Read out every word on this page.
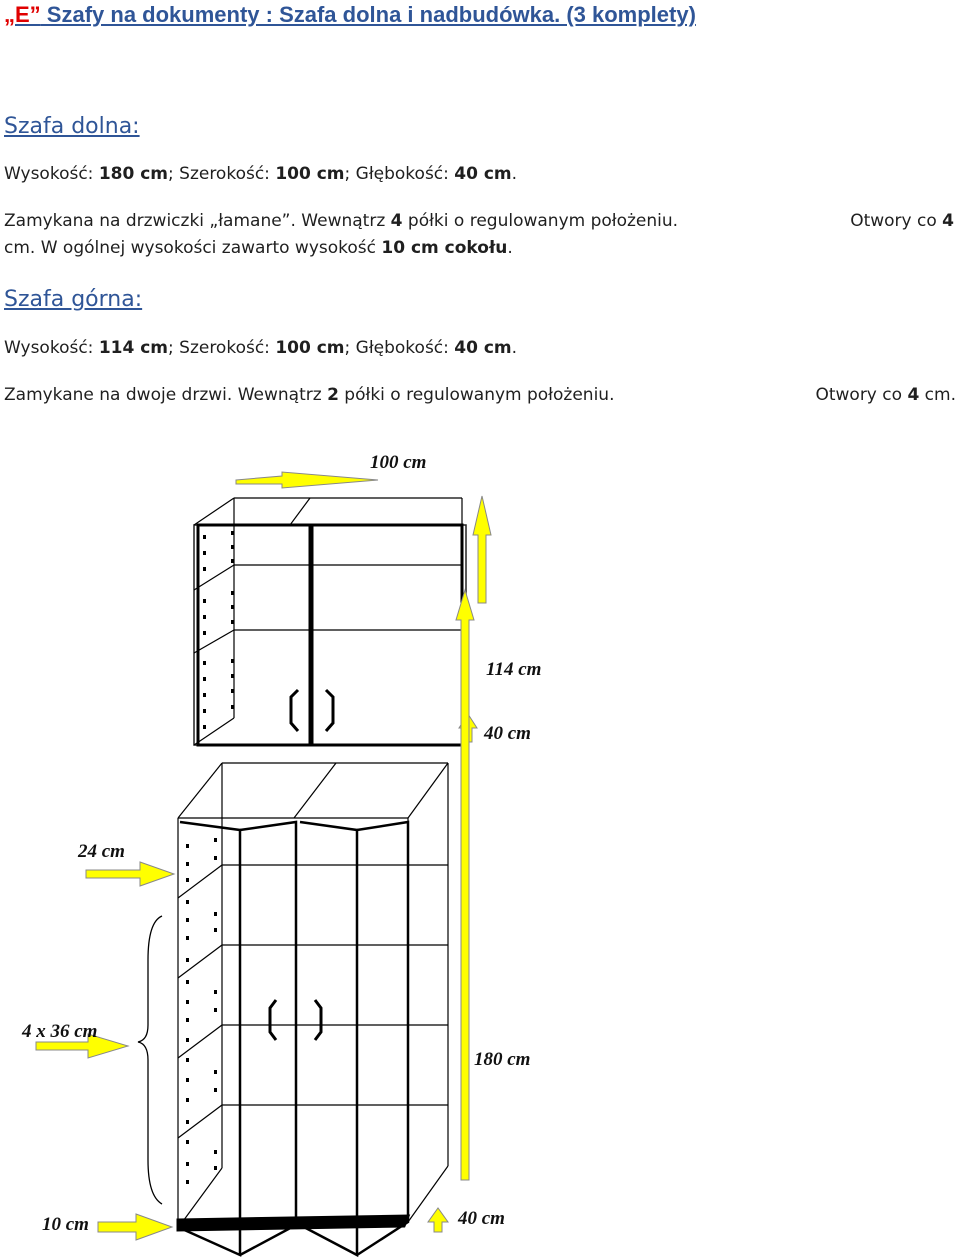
„E” Szafy na dokumenty : Szafa dolna i nadbudówka. (3 komplety)
Szafa dolna:
Wysokość: 180 cm; Szerokość: 100 cm; Głębokość: 40 cm.
Zamykana na drzwiczki „łamane”. Wewnątrz 4 półki o regulowanym położeniu.	Otwory co 4
cm. W ogólnej wysokości zawarto wysokość 10 cm cokołu.
Szafa górna:
Wysokość: 114 cm; Szerokość: 100 cm; Głębokość: 40 cm.
Zamykane na dwoje drzwi. Wewnątrz 2 półki o regulowanym położeniu.	Otwory co 4 cm.
100 cm
114 cm
40 cm
24 cm
4 x 36 cm
180 cm
10 cm	40 cm
